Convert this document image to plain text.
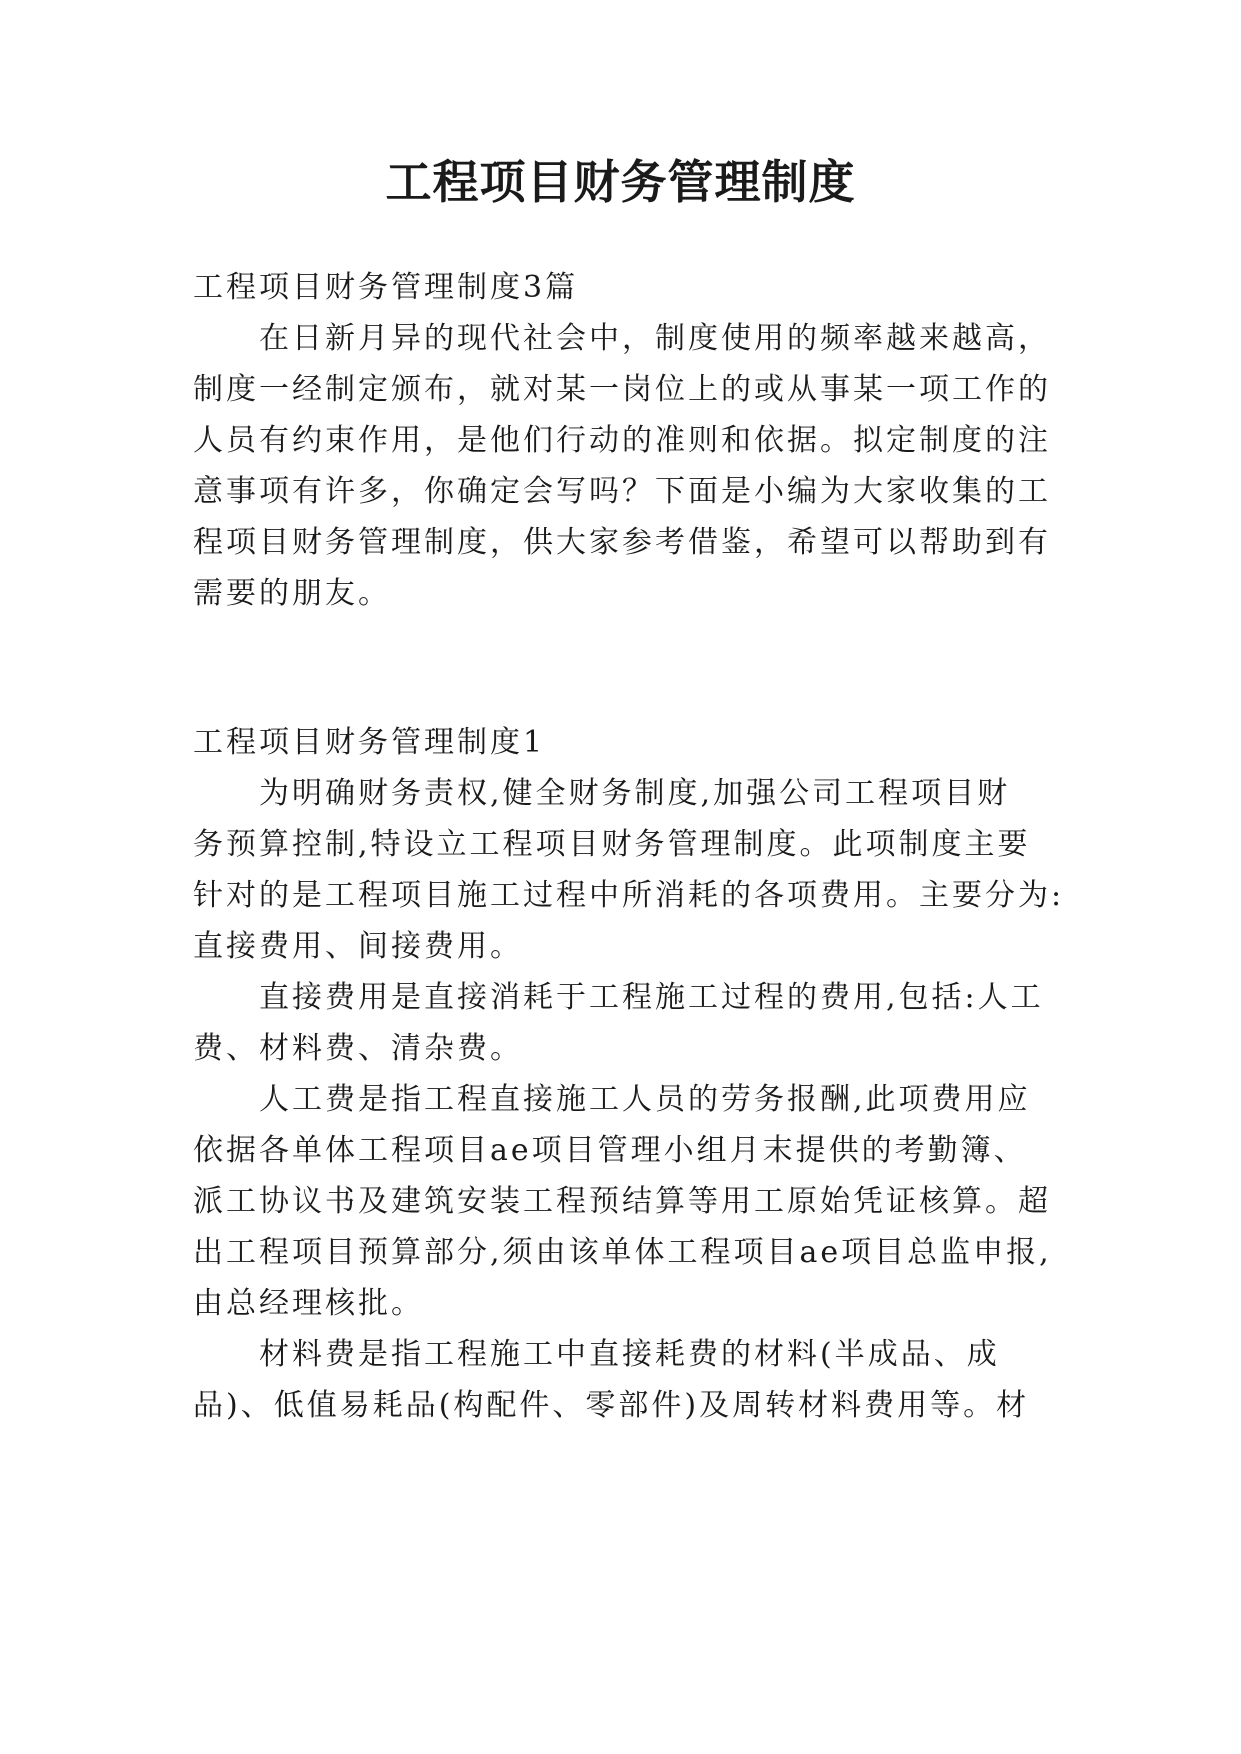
工程项目财务管理制度
工程项目财务管理制度3篇
在日新月异的现代社会中，制度使用的频率越来越高，
制度一经制定颁布，就对某一岗位上的或从事某一项工作的
人员有约束作用，是他们行动的准则和依据。拟定制度的注
意事项有许多，你确定会写吗？下面是小编为大家收集的工
程项目财务管理制度，供大家参考借鉴，希望可以帮助到有
需要的朋友。
工程项目财务管理制度1
为明确财务责权,健全财务制度,加强公司工程项目财
务预算控制,特设立工程项目财务管理制度。此项制度主要
针对的是工程项目施工过程中所消耗的各项费用。主要分为:
直接费用、间接费用。
直接费用是直接消耗于工程施工过程的费用,包括:人工
费、材料费、清杂费。
人工费是指工程直接施工人员的劳务报酬,此项费用应
依据各单体工程项目ae项目管理小组月末提供的考勤簿、
派工协议书及建筑安装工程预结算等用工原始凭证核算。超
出工程项目预算部分,须由该单体工程项目ae项目总监申报,
由总经理核批。
材料费是指工程施工中直接耗费的材料(半成品、成
品)、低值易耗品(构配件、零部件)及周转材料费用等。材
